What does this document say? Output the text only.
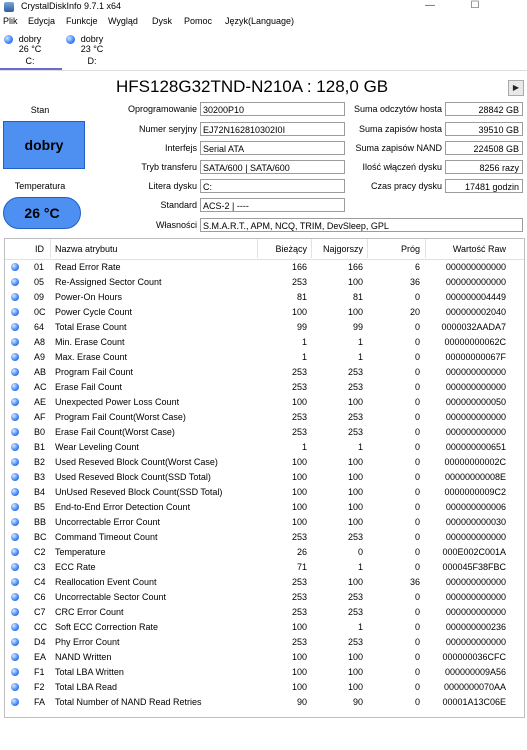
CrystalDiskInfo 9.7.1 x64	—	☐
Plik Edycja Funkcje Wygląd Dysk Pomoc Język(Language)
dobry
26 °C
C:
dobry
23 °C
D:
HFS128G32TND-N210A : 128,0 GB	▶
Stan
dobry
Temperatura
26 °C
Oprogramowanie 30200P10
Numer seryjny EJ72N162810302I0I
Interfejs Serial ATA
Tryb transferu SATA/600 | SATA/600
Litera dysku C:
Standard ACS-2 | ----
Własności S.M.A.R.T., APM, NCQ, TRIM, DevSleep, GPL
Suma odczytów hosta	28842 GB
Suma zapisów hosta	39510 GB
Suma zapisów NAND	224508 GB
Ilość włączeń dysku	8256 razy
Czas pracy dysku	17481 godzin
ID Nazwa atrybutu	Bieżący	Najgorszy	Próg	Wartość Raw
01	Read Error Rate	166	166	6	000000000000
05	Re-Assigned Sector Count	253	100	36	000000000000
09	Power-On Hours	81	81	0	000000004449
0C Power Cycle Count	100	100	20	000000002040
64	Total Erase Count	99	99	0	0000032AADA7
A8	Min. Erase Count	1	1	0	00000000062C
A9	Max. Erase Count	1	1	0	00000000067F
AB Program Fail Count	253	253	0	000000000000
AC Erase Fail Count	253	253	0	000000000000
AE Unexpected Power Loss Count	100	100	0	000000000050
AF Program Fail Count(Worst Case)	253	253	0	000000000000
B0	Erase Fail Count(Worst Case)	253	253	0	000000000000
B1	Wear Leveling Count	1	1	0	000000000651
B2	Used Reseved Block Count(Worst Case)	100	100	0	00000000002C
B3	Used Reseved Block Count(SSD Total)	100	100	0	00000000008E
B4	UnUsed Reseved Block Count(SSD Total)	100	100	0	0000000009C2
B5	End-to-End Error Detection Count	100	100	0	000000000006
BB Uncorrectable Error Count	100	100	0	000000000030
BC Command Timeout Count	253	253	0	000000000000
C2 Temperature	26	0	0	000E002C001A
C3 ECC Rate	71	1	0	000045F38FBC
C4 Reallocation Event Count	253	100	36	000000000000
C6 Uncorrectable Sector Count	253	253	0	000000000000
C7 CRC Error Count	253	253	0	000000000000
CC Soft ECC Correction Rate	100	1	0	000000000236
D4 Phy Error Count	253	253	0	000000000000
EA NAND Written	100	100	0	000000036CFC
F1	Total LBA Written	100	100	0	000000009A56
F2	Total LBA Read	100	100	0	0000000070AA
FA	Total Number of NAND Read Retries	90	90	0	00001A13C06E
